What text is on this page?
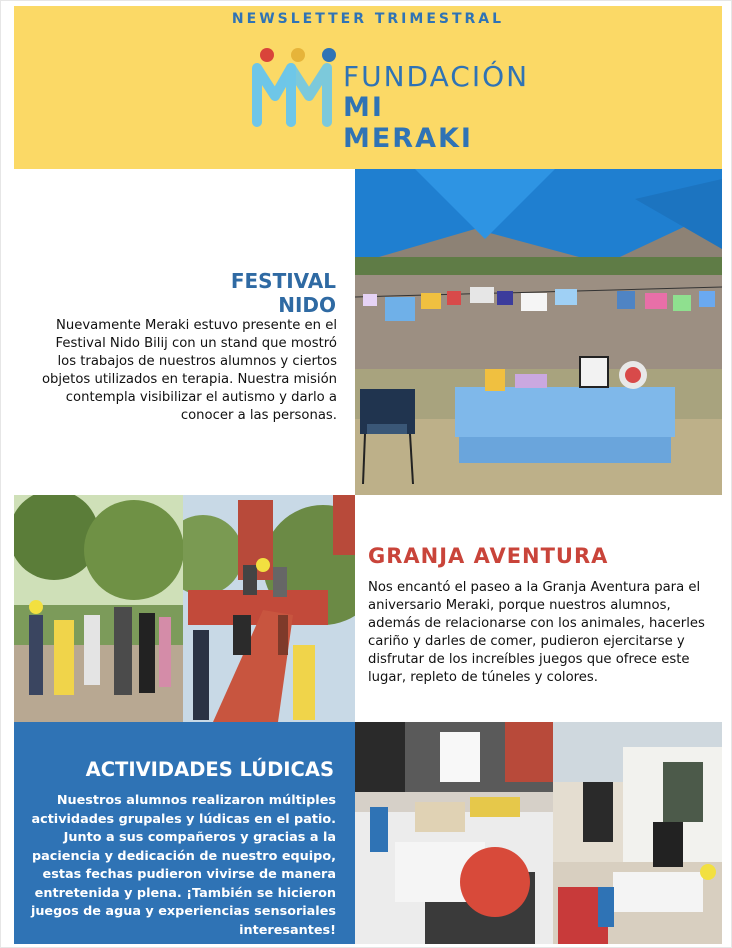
NEWSLETTER TRIMESTRAL
FUNDACIÓN
MI MERAKI
FESTIVAL NIDO
Nuevamente Meraki estuvo presente en el Festival Nido Bilij con un stand que mostró los trabajos de nuestros alumnos y ciertos objetos utilizados en terapia. Nuestra misión contempla visibilizar el autismo y darlo a conocer a las personas.
GRANJA AVENTURA
Nos encantó el paseo a la Granja Aventura para el aniversario Meraki, porque nuestros alumnos, además de relacionarse con los animales, hacerles cariño y darles de comer, pudieron ejercitarse y disfrutar de los increíbles juegos que ofrece este lugar, repleto de túneles y colores.
ACTIVIDADES LÚDICAS
Nuestros alumnos realizaron múltiples actividades grupales y lúdicas en el patio. Junto a sus compañeros y gracias a la paciencia y dedicación de nuestro equipo, estas fechas pudieron vivirse de manera entretenida y plena. ¡También se hicieron juegos de agua y experiencias sensoriales interesantes!
